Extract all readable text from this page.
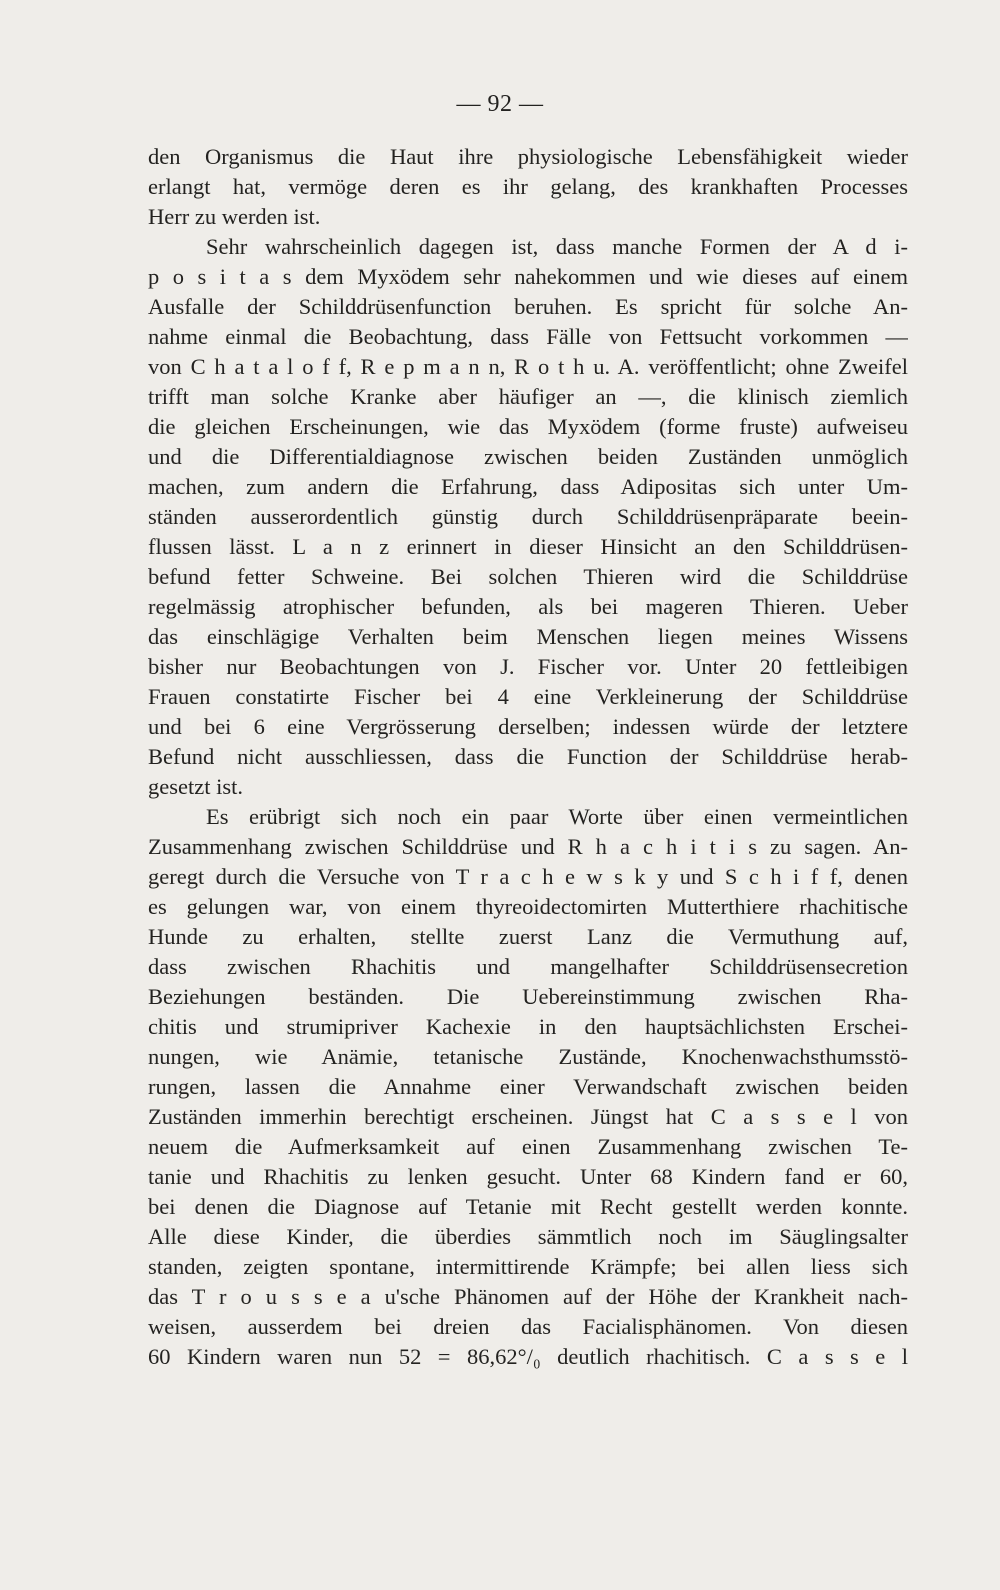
— 92 —
den Organismus die Haut ihre physiologische Lebensfähigkeit wieder
erlangt hat, vermöge deren es ihr gelang, des krankhaften Processes
Herr zu werden ist.
Sehr wahrscheinlich dagegen ist, dass manche Formen der A d i-
p o s i t a s dem Myxödem sehr nahekommen und wie dieses auf einem
Ausfalle der Schilddrüsenfunction beruhen. Es spricht für solche An-
nahme einmal die Beobachtung, dass Fälle von Fettsucht vorkommen —
von C h a t a l o f f, R e p m a n n, R o t h u. A. veröffentlicht; ohne Zweifel
trifft man solche Kranke aber häufiger an —, die klinisch ziemlich
die gleichen Erscheinungen, wie das Myxödem (forme fruste) aufweiseu
und die Differentialdiagnose zwischen beiden Zuständen unmöglich
machen, zum andern die Erfahrung, dass Adipositas sich unter Um-
ständen ausserordentlich günstig durch Schilddrüsenpräparate beein-
flussen lässt. L a n z erinnert in dieser Hinsicht an den Schilddrüsen-
befund fetter Schweine. Bei solchen Thieren wird die Schilddrüse
regelmässig atrophischer befunden, als bei mageren Thieren. Ueber
das einschlägige Verhalten beim Menschen liegen meines Wissens
bisher nur Beobachtungen von J. Fischer vor. Unter 20 fettleibigen
Frauen constatirte Fischer bei 4 eine Verkleinerung der Schilddrüse
und bei 6 eine Vergrösserung derselben; indessen würde der letztere
Befund nicht ausschliessen, dass die Function der Schilddrüse herab-
gesetzt ist.
Es erübrigt sich noch ein paar Worte über einen vermeintlichen
Zusammenhang zwischen Schilddrüse und R h a c h i t i s zu sagen. An-
geregt durch die Versuche von T r a c h e w s k y und S c h i f f, denen
es gelungen war, von einem thyreoidectomirten Mutterthiere rhachitische
Hunde zu erhalten, stellte zuerst Lanz die Vermuthung auf,
dass zwischen Rhachitis und mangelhafter Schilddrüsensecretion
Beziehungen beständen. Die Uebereinstimmung zwischen Rha-
chitis und strumipriver Kachexie in den hauptsächlichsten Erschei-
nungen, wie Anämie, tetanische Zustände, Knochenwachsthumsstö-
rungen, lassen die Annahme einer Verwandschaft zwischen beiden
Zuständen immerhin berechtigt erscheinen. Jüngst hat C a s s e l von
neuem die Aufmerksamkeit auf einen Zusammenhang zwischen Te-
tanie und Rhachitis zu lenken gesucht. Unter 68 Kindern fand er 60,
bei denen die Diagnose auf Tetanie mit Recht gestellt werden konnte.
Alle diese Kinder, die überdies sämmtlich noch im Säuglingsalter
standen, zeigten spontane, intermittirende Krämpfe; bei allen liess sich
das T r o u s s e a u'sche Phänomen auf der Höhe der Krankheit nach-
weisen, ausserdem bei dreien das Facialisphänomen. Von diesen
60 Kindern waren nun 52 = 86,62°/₀ deutlich rhachitisch. C a s s e l
